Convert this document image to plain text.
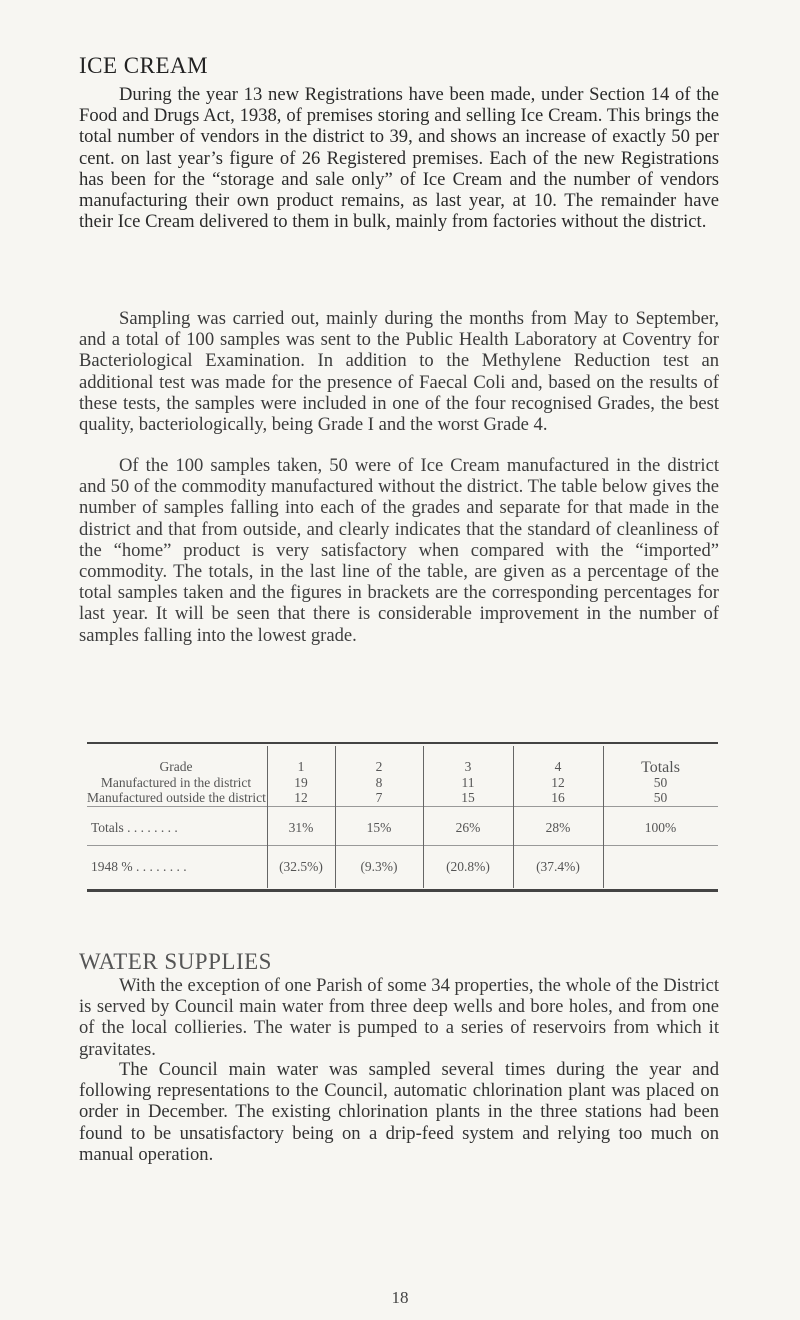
ICE CREAM

During the year 13 new Registrations have been made, under Section 14 of the Food and Drugs Act, 1938, of premises storing and selling Ice Cream. This brings the total number of vendors in the district to 39, and shows an increase of exactly 50 per cent. on last year’s figure of 26 Registered premises. Each of the new Registrations has been for the “storage and sale only” of Ice Cream and the number of vendors manufacturing their own product remains, as last year, at 10. The remainder have their Ice Cream delivered to them in bulk, mainly from factories without the district.

Sampling was carried out, mainly during the months from May to September, and a total of 100 samples was sent to the Public Health Laboratory at Coventry for Bacteriological Examination. In addition to the Methylene Reduction test an additional test was made for the presence of Faecal Coli and, based on the results of these tests, the samples were included in one of the four recognised Grades, the best quality, bacteriologically, being Grade I and the worst Grade 4.

Of the 100 samples taken, 50 were of Ice Cream manufactured in the district and 50 of the commodity manufactured without the district. The table below gives the number of samples falling into each of the grades and separate for that made in the district and that from outside, and clearly indicates that the standard of cleanliness of the “home” product is very satisfactory when compared with the “imported” commodity. The totals, in the last line of the table, are given as a percentage of the total samples taken and the figures in brackets are the corresponding percentages for last year. It will be seen that there is considerable improvement in the number of samples falling into the lowest grade.

Grade	1	2	3	4	Totals
Manufactured in the district	19	8	11	12	50
Manufactured outside the district	12	7	15	16	50
Totals . . . . . . . .	31%	15%	26%	28%	100%
1948 % . . . . . . . .	(32.5%)	(9.3%)	(20.8%)	(37.4%)
WATER SUPPLIES

With the exception of one Parish of some 34 properties, the whole of the District is served by Council main water from three deep wells and bore holes, and from one of the local collieries. The water is pumped to a series of reservoirs from which it gravitates.

The Council main water was sampled several times during the year and following representations to the Council, automatic chlorination plant was placed on order in December. The existing chlorination plants in the three stations had been found to be unsatisfactory being on a drip-feed system and relying too much on manual operation.

18
